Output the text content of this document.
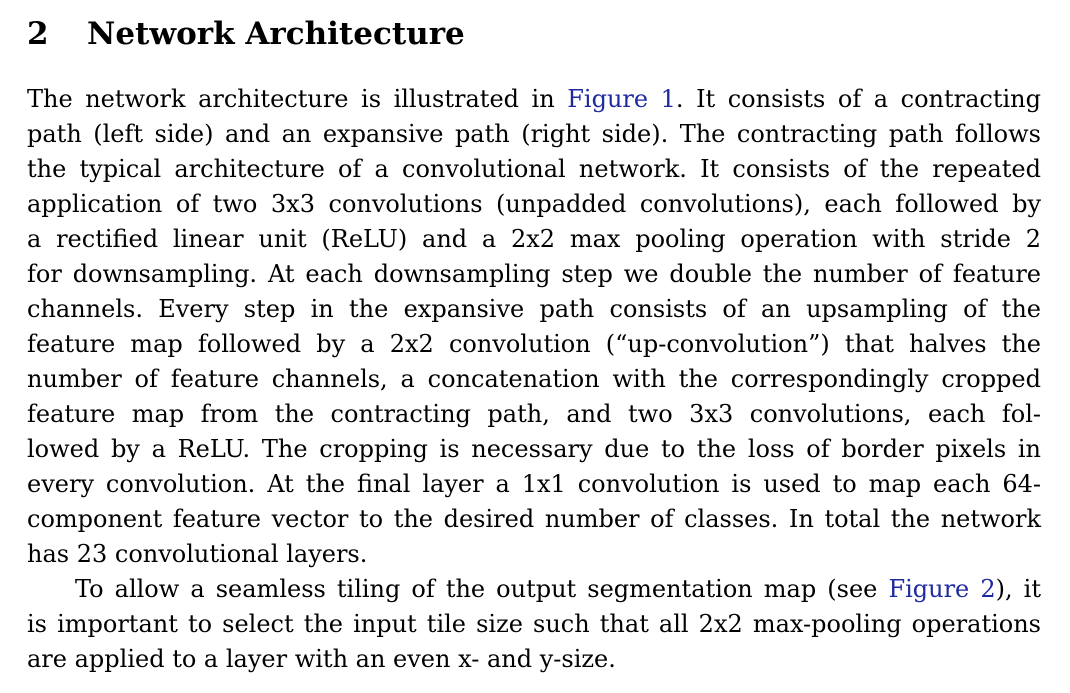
2 Network Architecture
The network architecture is illustrated in Figure 1. It consists of a contracting
path (left side) and an expansive path (right side). The contracting path follows
the typical architecture of a convolutional network. It consists of the repeated
application of two 3x3 convolutions (unpadded convolutions), each followed by
a rectified linear unit (ReLU) and a 2x2 max pooling operation with stride 2
for downsampling. At each downsampling step we double the number of feature
channels. Every step in the expansive path consists of an upsampling of the
feature map followed by a 2x2 convolution (“up-convolution”) that halves the
number of feature channels, a concatenation with the correspondingly cropped
feature map from the contracting path, and two 3x3 convolutions, each fol-
lowed by a ReLU. The cropping is necessary due to the loss of border pixels in
every convolution. At the final layer a 1x1 convolution is used to map each 64-
component feature vector to the desired number of classes. In total the network
has 23 convolutional layers.
To allow a seamless tiling of the output segmentation map (see Figure 2), it
is important to select the input tile size such that all 2x2 max-pooling operations
are applied to a layer with an even x- and y-size.
